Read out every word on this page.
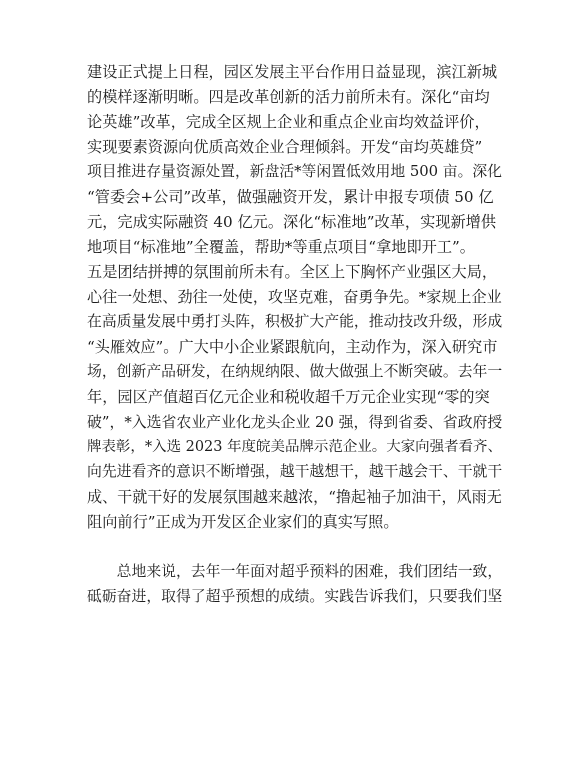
建设正式提上日程，园区发展主平台作用日益显现，滨江新城
的模样逐渐明晰。四是改革创新的活力前所未有。深化“亩均
论英雄”改革，完成全区规上企业和重点企业亩均效益评价，
实现要素资源向优质高效企业合理倾斜。开发“亩均英雄贷”
项目推进存量资源处置，新盘活*等闲置低效用地 500 亩。深化
“管委会+公司”改革，做强融资开发，累计申报专项债 50 亿
元，完成实际融资 40 亿元。深化“标准地”改革，实现新增供
地项目“标准地”全覆盖，帮助*等重点项目“拿地即开工”。
五是团结拼搏的氛围前所未有。全区上下胸怀产业强区大局，
心往一处想、劲往一处使，攻坚克难，奋勇争先。*家规上企业
在高质量发展中勇打头阵，积极扩大产能，推动技改升级，形成
“头雁效应”。广大中小企业紧跟航向，主动作为，深入研究市
场，创新产品研发，在纳规纳限、做大做强上不断突破。去年一
年，园区产值超百亿元企业和税收超千万元企业实现“零的突
破”，*入选省农业产业化龙头企业 20 强，得到省委、省政府授
牌表彰，*入选 2023 年度皖美品牌示范企业。大家向强者看齐、
向先进看齐的意识不断增强，越干越想干，越干越会干、干就干
成、干就干好的发展氛围越来越浓，“撸起袖子加油干，风雨无
阻向前行”正成为开发区企业家们的真实写照。
　　总地来说，去年一年面对超乎预料的困难，我们团结一致，
砥砺奋进，取得了超乎预想的成绩。实践告诉我们，只要我们坚
